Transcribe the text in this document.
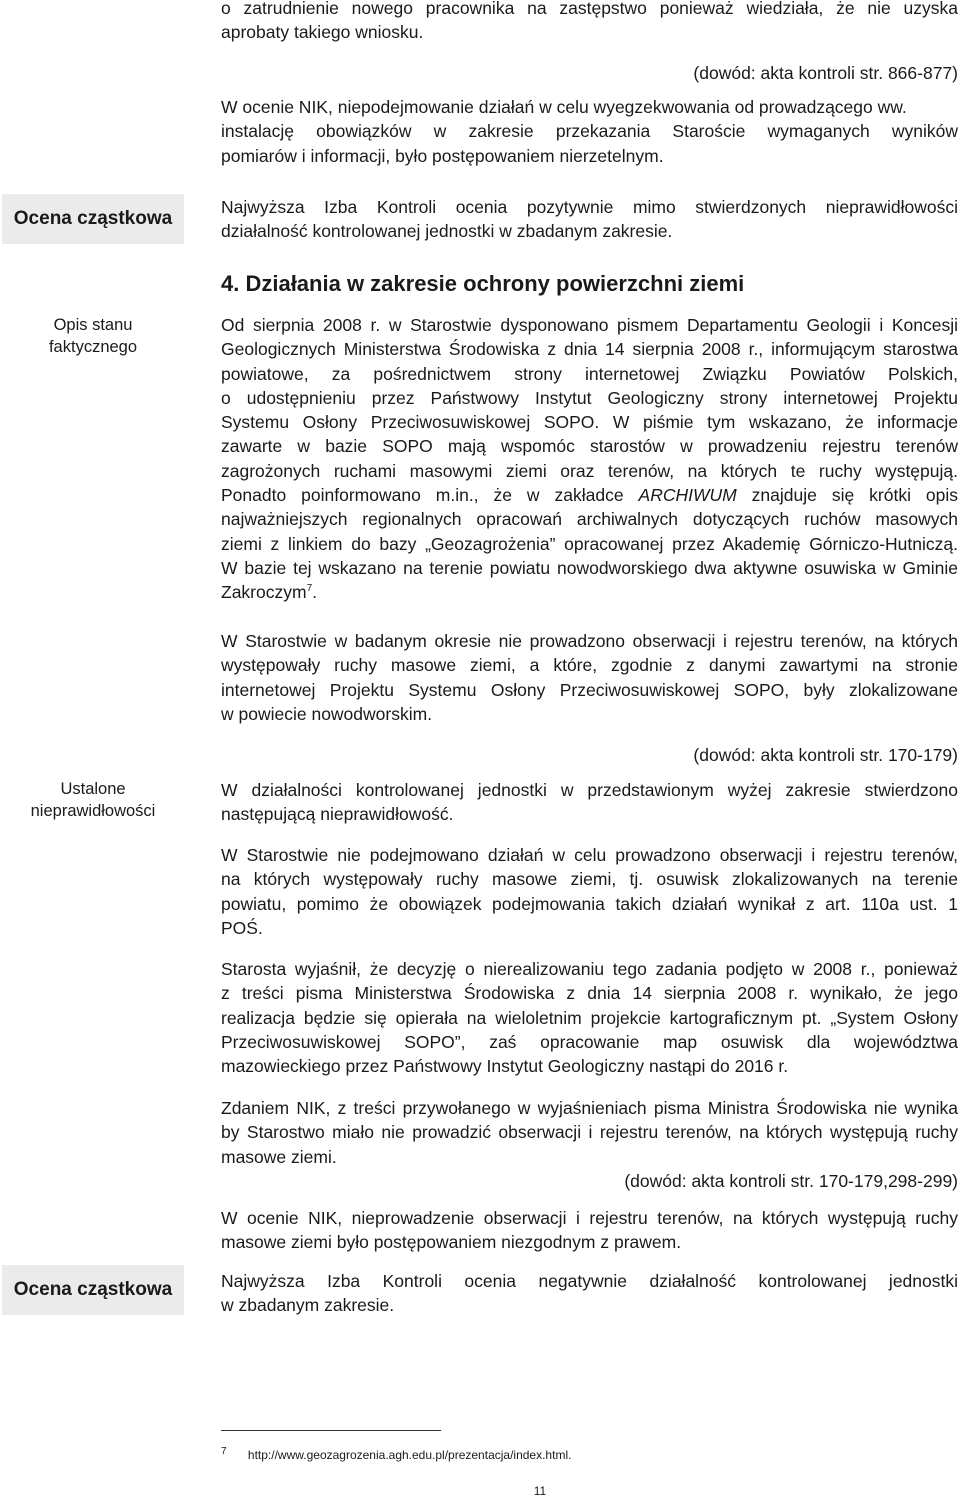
Ocena cząstkowa
Opis stanu
faktycznego
Ustalone
nieprawidłowości
Ocena cząstkowa
o zatrudnienie nowego pracownika na zastępstwo ponieważ wiedziała, że nie uzyska
aprobaty takiego wniosku.
(dowód: akta kontroli str. 866-877)
W ocenie NIK, niepodejmowanie działań w celu wyegzekwowania od prowadzącego ww.
instalację obowiązków w zakresie przekazania Staroście wymaganych wyników
pomiarów i informacji, było postępowaniem nierzetelnym.
Najwyższa Izba Kontroli ocenia pozytywnie mimo stwierdzonych nieprawidłowości
działalność kontrolowanej jednostki w zbadanym zakresie.
4. Działania w zakresie ochrony powierzchni ziemi
Od sierpnia 2008 r. w Starostwie dysponowano pismem Departamentu Geologii i Koncesji
Geologicznych Ministerstwa Środowiska z dnia 14 sierpnia 2008 r., informującym starostwa
powiatowe, za pośrednictwem strony internetowej Związku Powiatów Polskich,
o udostępnieniu przez Państwowy Instytut Geologiczny strony internetowej Projektu
Systemu Osłony Przeciwosuwiskowej SOPO. W piśmie tym wskazano, że informacje
zawarte w bazie SOPO mają wspomóc starostów w prowadzeniu rejestru terenów
zagrożonych ruchami masowymi ziemi oraz terenów, na których te ruchy występują.
Ponadto poinformowano m.in., że w zakładce ARCHIWUM znajduje się krótki opis
najważniejszych regionalnych opracowań archiwalnych dotyczących ruchów masowych
ziemi z linkiem do bazy „Geozagrożenia” opracowanej przez Akademię Górniczo-Hutniczą.
W bazie tej wskazano na terenie powiatu nowodworskiego dwa aktywne osuwiska w Gminie
Zakroczym$^7$.
W Starostwie w badanym okresie nie prowadzono obserwacji i rejestru terenów, na których
występowały ruchy masowe ziemi, a które, zgodnie z danymi zawartymi na stronie
internetowej Projektu Systemu Osłony Przeciwosuwiskowej SOPO, były zlokalizowane
w powiecie nowodworskim.
(dowód: akta kontroli str. 170-179)
W działalności kontrolowanej jednostki w przedstawionym wyżej zakresie stwierdzono
następującą nieprawidłowość.
W Starostwie nie podejmowano działań w celu prowadzono obserwacji i rejestru terenów,
na których występowały ruchy masowe ziemi, tj. osuwisk zlokalizowanych na terenie
powiatu, pomimo że obowiązek podejmowania takich działań wynikał z art. 110a ust. 1
POŚ.
Starosta wyjaśnił, że decyzję o nierealizowaniu tego zadania podjęto w 2008 r., ponieważ
z treści pisma Ministerstwa Środowiska z dnia 14 sierpnia 2008 r. wynikało, że jego
realizacja będzie się opierała na wieloletnim projekcie kartograficznym pt. „System Osłony
Przeciwosuwiskowej SOPO”, zaś opracowanie map osuwisk dla województwa
mazowieckiego przez Państwowy Instytut Geologiczny nastąpi do 2016 r.
Zdaniem NIK, z treści przywołanego w wyjaśnieniach pisma Ministra Środowiska nie wynika
by Starostwo miało nie prowadzić obserwacji i rejestru terenów, na których występują ruchy
masowe ziemi.
(dowód: akta kontroli str. 170-179,298-299)
W ocenie NIK, nieprowadzenie obserwacji i rejestru terenów, na których występują ruchy
masowe ziemi było postępowaniem niezgodnym z prawem.
Najwyższa Izba Kontroli ocenia negatywnie działalność kontrolowanej jednostki
w zbadanym zakresie.
$^7$ http://www.geozagrozenia.agh.edu.pl/prezentacja/index.html.
11
